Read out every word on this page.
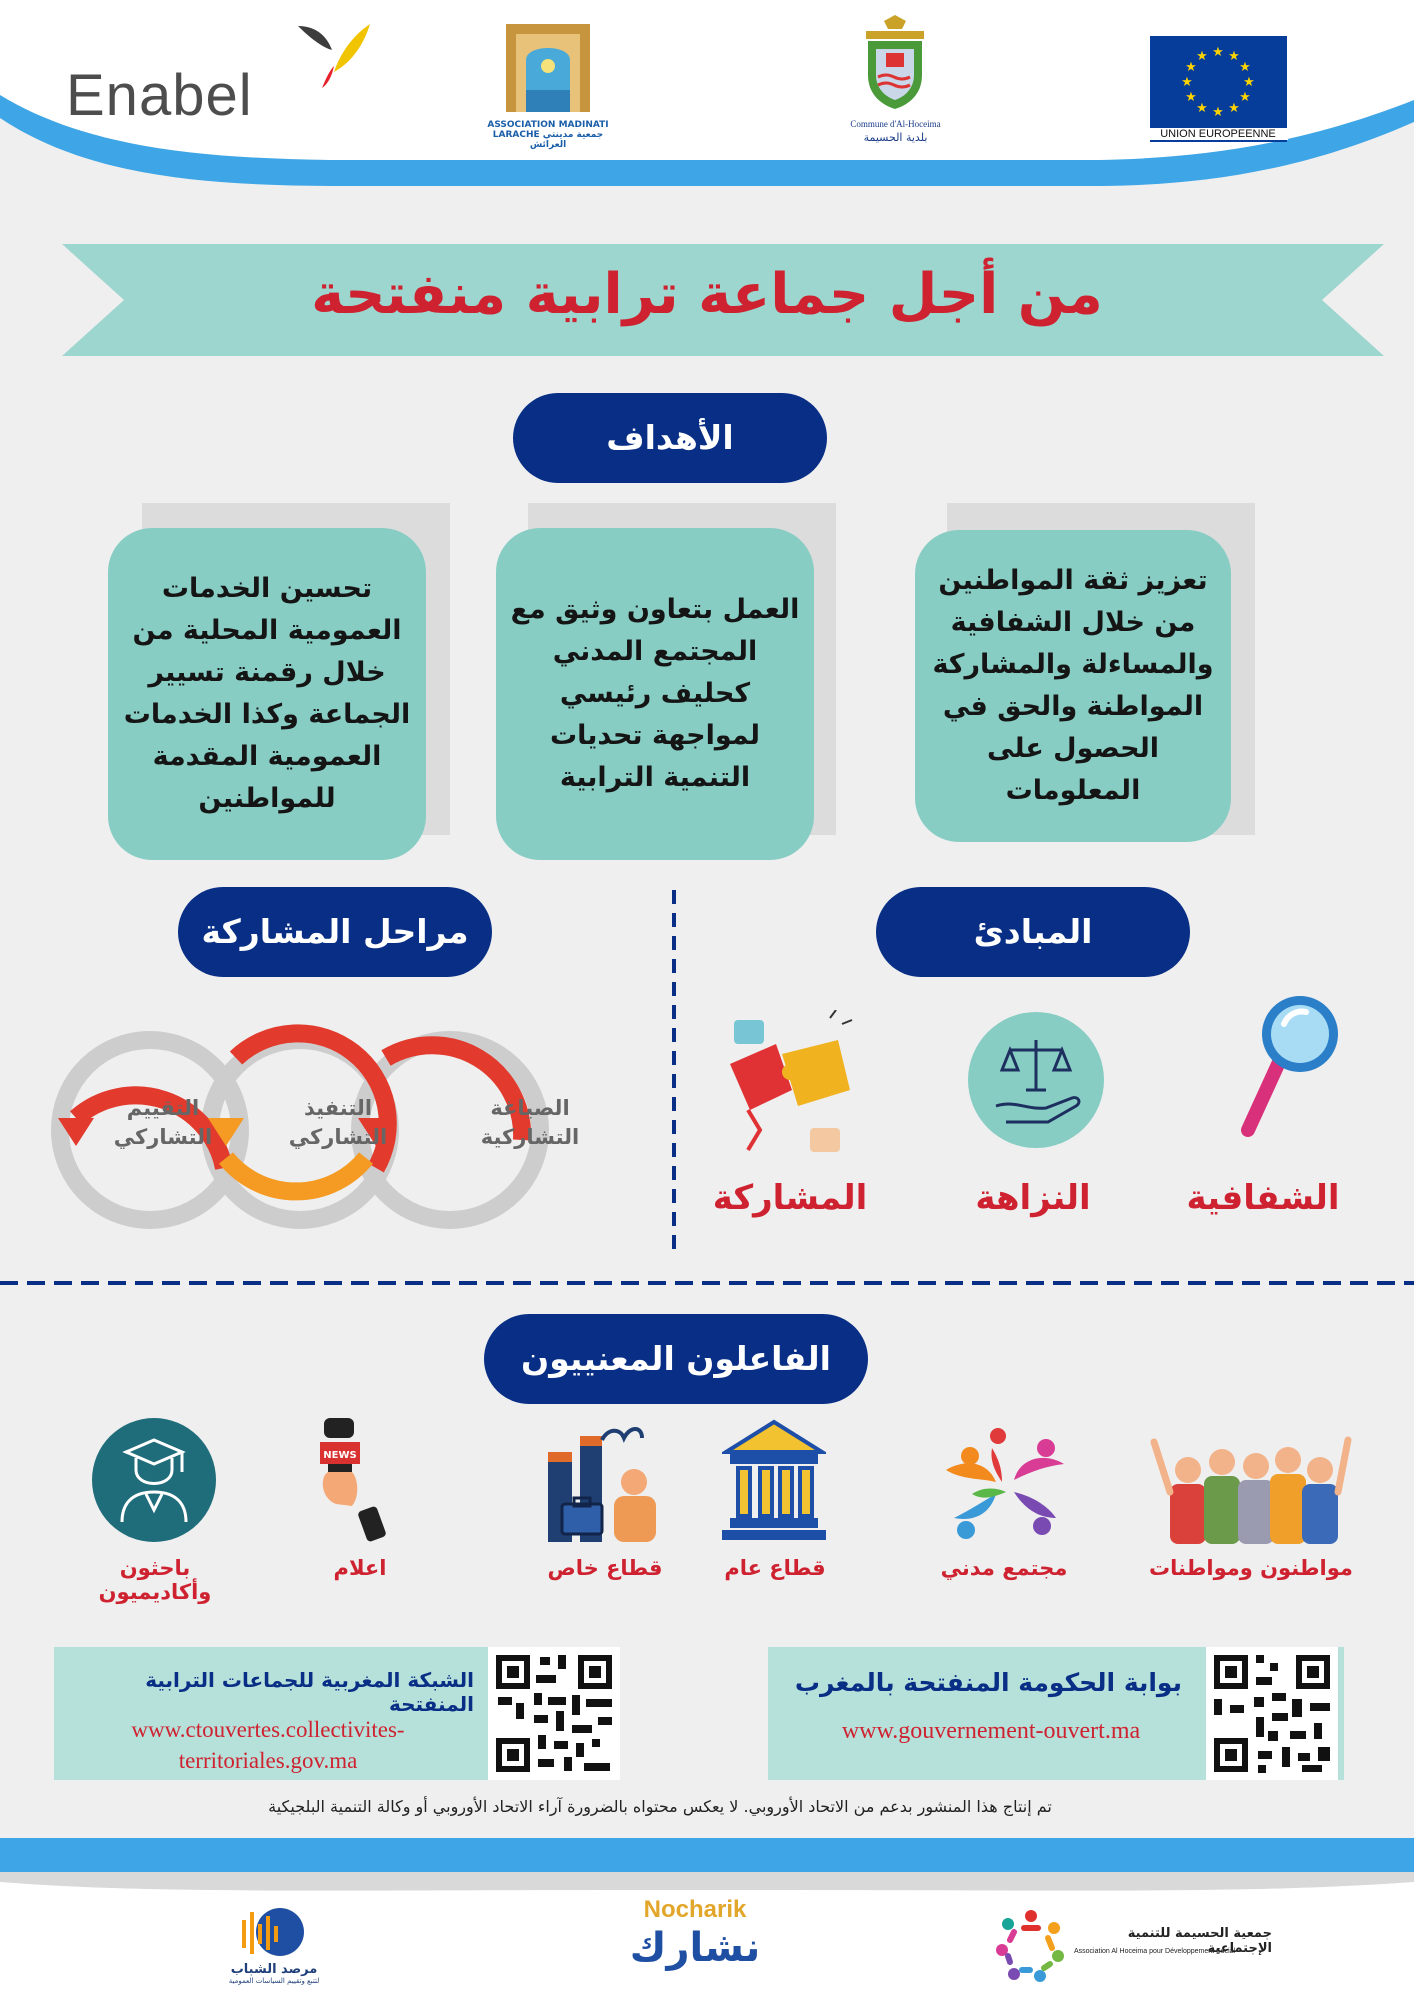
Enabel	ASSOCIATION MADINATI
LARACHE جمعية مدينتي العرائش
Commune d'Al-Hoceima
بلدية الحسيمة
★ ★
★
★
★
★
★
★
★
★
★
★
UNION EUROPEENNE
من أجل جماعة ترابية منفتحة
الأهداف
تعزيز ثقة المواطنين من خلال الشفافية والمساءلة والمشاركة المواطنة والحق في الحصول على المعلومات
العمل بتعاون وثيق مع المجتمع المدني كحليف رئيسي لمواجهة تحديات التنمية الترابية
تحسين الخدمات العمومية المحلية من خلال رقمنة تسيير الجماعة وكذا الخدمات العمومية المقدمة للمواطنين
المبادئ
الشفافية
النزاهة
المشاركة
مراحل المشاركة
الصياغة
التشاركية
التنفيذ
التشاركي
التقييم
التشاركي
الفاعلون المعنييون
مواطنون ومواطنات
مجتمع مدني
قطاع عام
قطاع خاص
NEWS
اعلام
باحثون وأكاديميون
بوابة الحكومة المنفتحة بالمغرب
www.gouvernement-ouvert.ma
الشبكة المغربية للجماعات الترابية المنفتحة
www.ctouvertes.collectivites-
territoriales.gov.ma
تم إنتاج هذا المنشور بدعم من الاتحاد الأوروبي. لا يعكس محتواه بالضرورة آراء الاتحاد الأوروبي أو وكالة التنمية البلجيكية
مرصد الشباب
لتتبع وتقييم السياسات العمومية
Nocharik
نشارك	جمعية الحسيمة للتنمية الإجتماعية
Association Al Hoceima pour Développement Social
